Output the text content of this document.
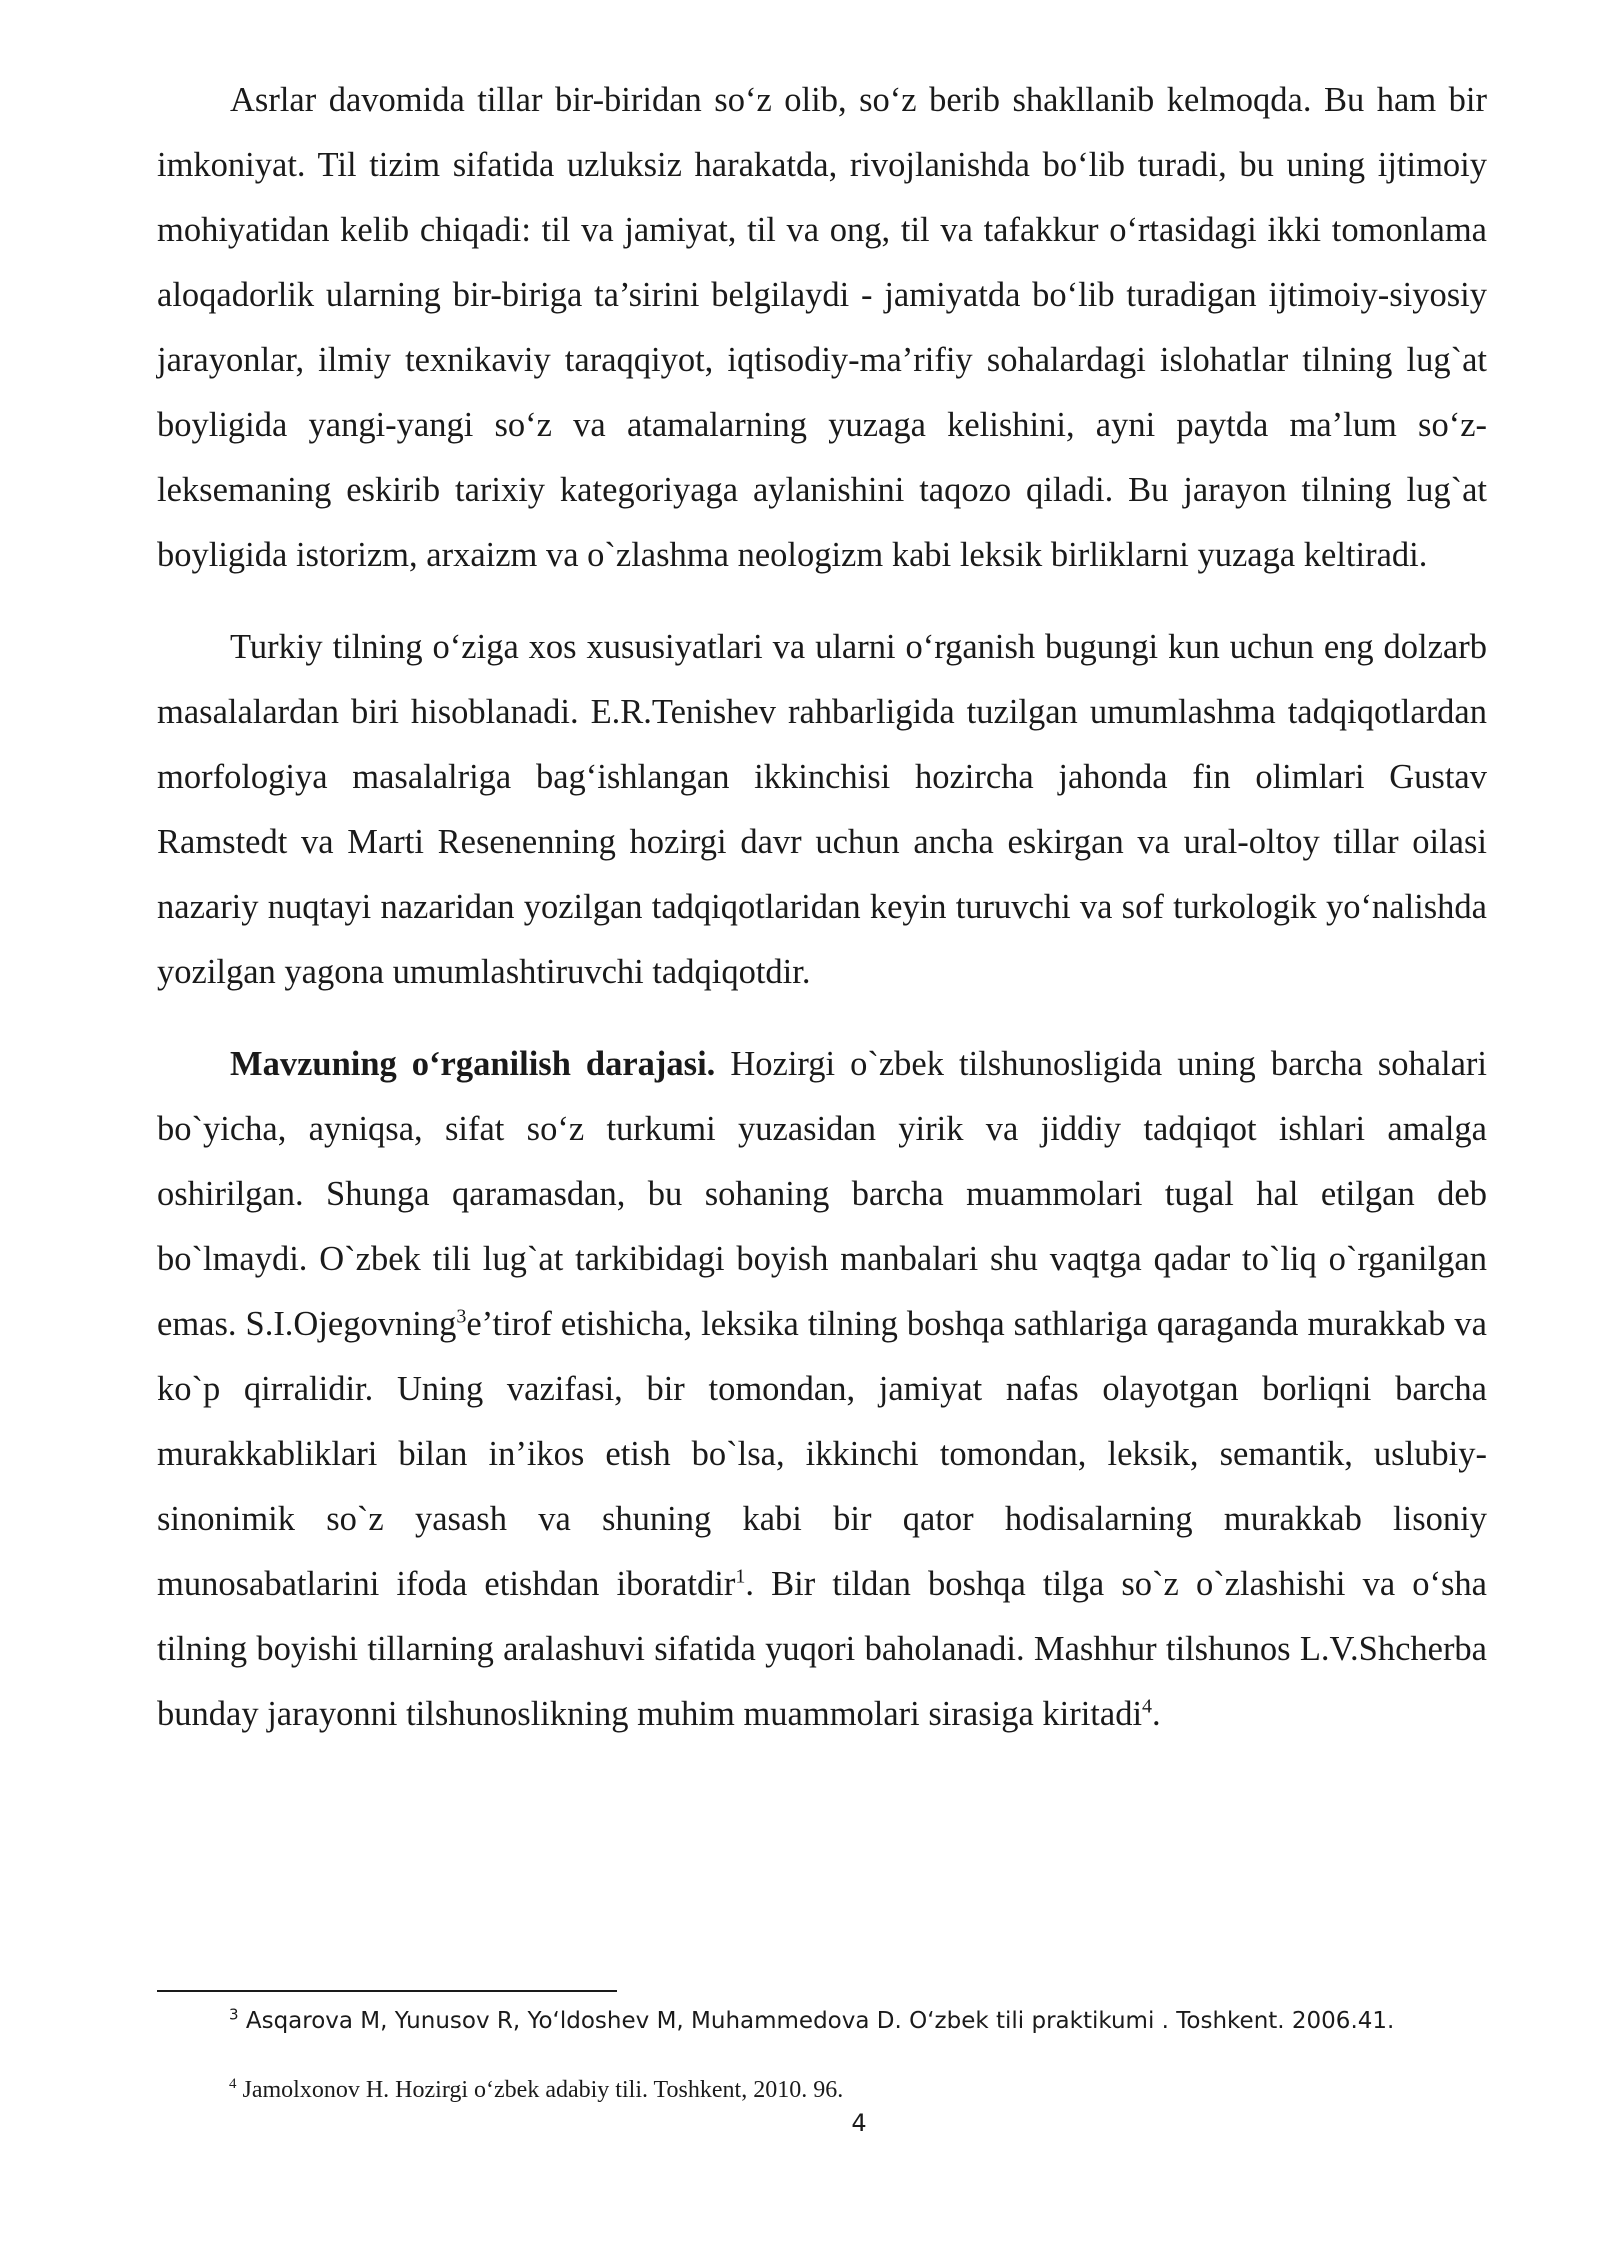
Asrlar davomida tillar bir-biridan so‘z olib, so‘z berib shakllanib kelmoqda. Bu ham bir imkoniyat. Til tizim sifatida uzluksiz harakatda, rivojlanishda bo‘lib turadi, bu uning ijtimoiy mohiyatidan kelib chiqadi: til va jamiyat, til va ong, til va tafakkur o‘rtasidagi ikki tomonlama aloqadorlik ularning bir-biriga ta’sirini belgilaydi - jamiyatda bo‘lib turadigan ijtimoiy-siyosiy jarayonlar, ilmiy texnikaviy taraqqiyot, iqtisodiy-ma’rifiy sohalardagi islohatlar tilning lug`at boyligida yangi-yangi so‘z va atamalarning yuzaga kelishini, ayni paytda ma’lum so‘z-leksemaning eskirib tarixiy kategoriyaga aylanishini taqozo qiladi. Bu jarayon tilning lug`at boyligida istorizm, arxaizm va o`zlashma neologizm kabi leksik birliklarni yuzaga keltiradi.

Turkiy tilning o‘ziga xos xususiyatlari va ularni o‘rganish bugungi kun uchun eng dolzarb masalalardan biri hisoblanadi. E.R.Tenishev rahbarligida tuzilgan umumlashma tadqiqotlardan morfologiya masalalriga bag‘ishlangan ikkinchisi hozircha jahonda fin olimlari Gustav Ramstedt va Marti Resenenning hozirgi davr uchun ancha eskirgan va ural-oltoy tillar oilasi nazariy nuqtayi nazaridan yozilgan tadqiqotlaridan keyin turuvchi va sof turkologik yo‘nalishda yozilgan yagona umumlashtiruvchi tadqiqotdir.

Mavzuning o‘rganilish darajasi. Hozirgi o`zbek tilshunosligida uning barcha sohalari bo`yicha, ayniqsa, sifat so‘z turkumi yuzasidan yirik va jiddiy tadqiqot ishlari amalga oshirilgan. Shunga qaramasdan, bu sohaning barcha muammolari tugal hal etilgan deb bo`lmaydi. O`zbek tili lug`at tarkibidagi boyish manbalari shu vaqtga qadar to`liq o`rganilgan emas. S.I.Ojegovning$^3$e’tirof etishicha, leksika tilning boshqa sathlariga qaraganda murakkab va ko`p qirralidir. Uning vazifasi, bir tomondan, jamiyat nafas olayotgan borliqni barcha murakkabliklari bilan in’ikos etish bo`lsa, ikkinchi tomondan, leksik, semantik, uslubiy-sinonimik so`z yasash va shuning kabi bir qator hodisalarning murakkab lisoniy munosabatlarini ifoda etishdan iboratdir$^1$. Bir tildan boshqa tilga so`z o`zlashishi va o‘sha tilning boyishi tillarning aralashuvi sifatida yuqori baholanadi. Mashhur tilshunos L.V.Shcherba bunday jarayonni tilshunoslikning muhim muammolari sirasiga kiritadi$^4$.

$^3$ Asqarova M, Yunusov R, Yo‘ldoshev M, Muhammedova D. O‘zbek tili praktikumi . Toshkent. 2006.41.
$^4$ Jamolxonov H. Hozirgi o‘zbek adabiy tili. Toshkent, 2010. 96.
4
